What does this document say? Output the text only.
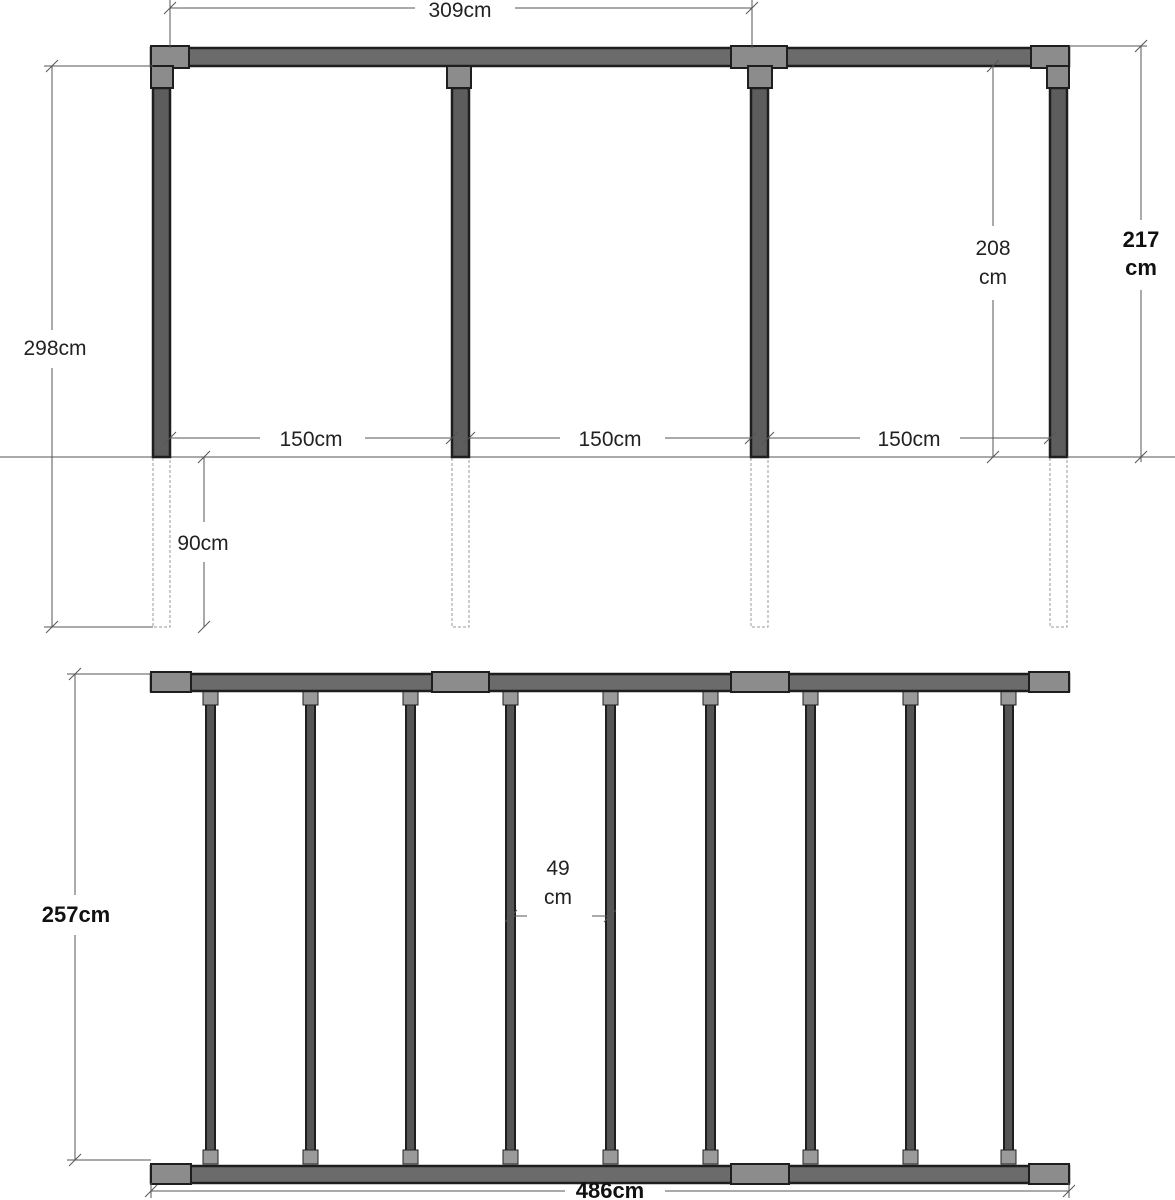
309cm
298cm
90cm
150cm	150cm	150cm
208
cm
217
cm
257cm
49
cm
486cm
